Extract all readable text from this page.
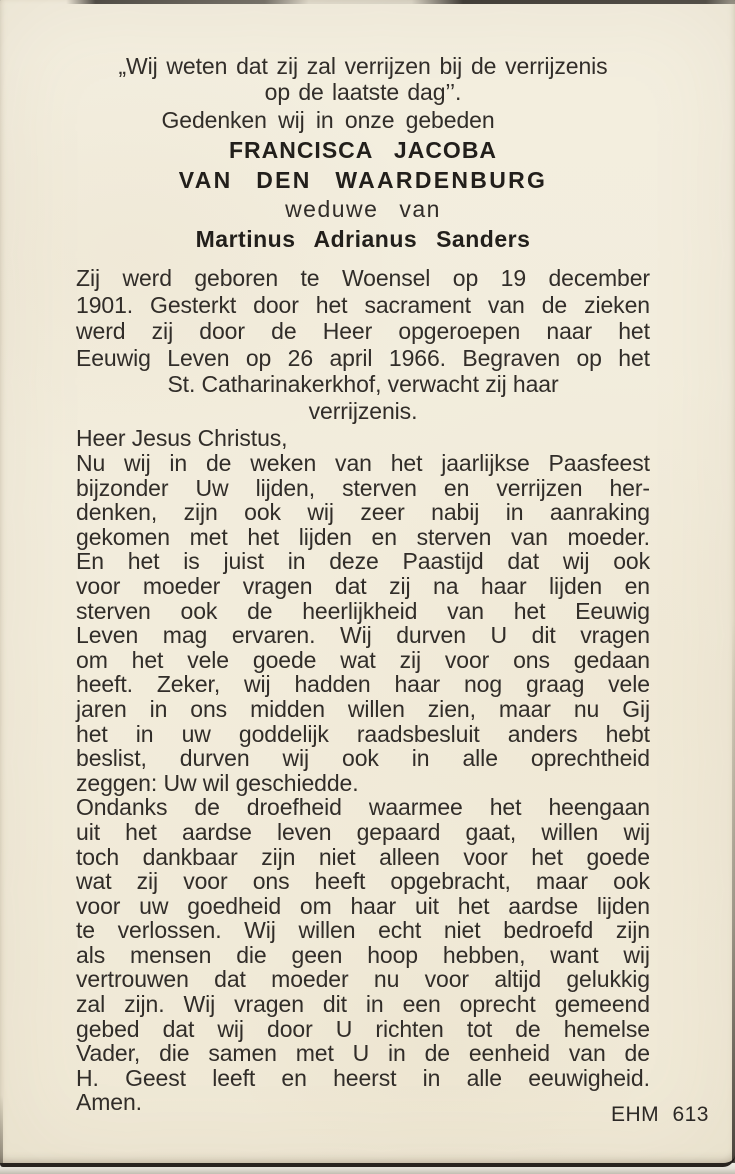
„Wij weten dat zij zal verrijzen bij de verrijzenis
op de laatste dag’’.
Gedenken wij in onze gebeden
FRANCISCA JACOBA
VAN DEN WAARDENBURG
weduwe van
Martinus Adrianus Sanders
Zij werd geboren te Woensel op 19 december
1901. Gesterkt door het sacrament van de zieken
werd zij door de Heer opgeroepen naar het
Eeuwig Leven op 26 april 1966. Begraven op het
St. Catharinakerkhof, verwacht zij haar
verrijzenis.
Heer Jesus Christus,
Nu wij in de weken van het jaarlijkse Paasfeest
bijzonder Uw lijden, sterven en verrijzen her-
denken, zijn ook wij zeer nabij in aanraking
gekomen met het lijden en sterven van moeder.
En het is juist in deze Paastijd dat wij ook
voor moeder vragen dat zij na haar lijden en
sterven ook de heerlijkheid van het Eeuwig
Leven mag ervaren. Wij durven U dit vragen
om het vele goede wat zij voor ons gedaan
heeft. Zeker, wij hadden haar nog graag vele
jaren in ons midden willen zien, maar nu Gij
het in uw goddelijk raadsbesluit anders hebt
beslist, durven wij ook in alle oprechtheid
zeggen: Uw wil geschiedde.
Ondanks de droefheid waarmee het heengaan
uit het aardse leven gepaard gaat, willen wij
toch dankbaar zijn niet alleen voor het goede
wat zij voor ons heeft opgebracht, maar ook
voor uw goedheid om haar uit het aardse lijden
te verlossen. Wij willen echt niet bedroefd zijn
als mensen die geen hoop hebben, want wij
vertrouwen dat moeder nu voor altijd gelukkig
zal zijn. Wij vragen dit in een oprecht gemeend
gebed dat wij door U richten tot de hemelse
Vader, die samen met U in de eenheid van de
H. Geest leeft en heerst in alle eeuwigheid.
Amen.	EHM 613
